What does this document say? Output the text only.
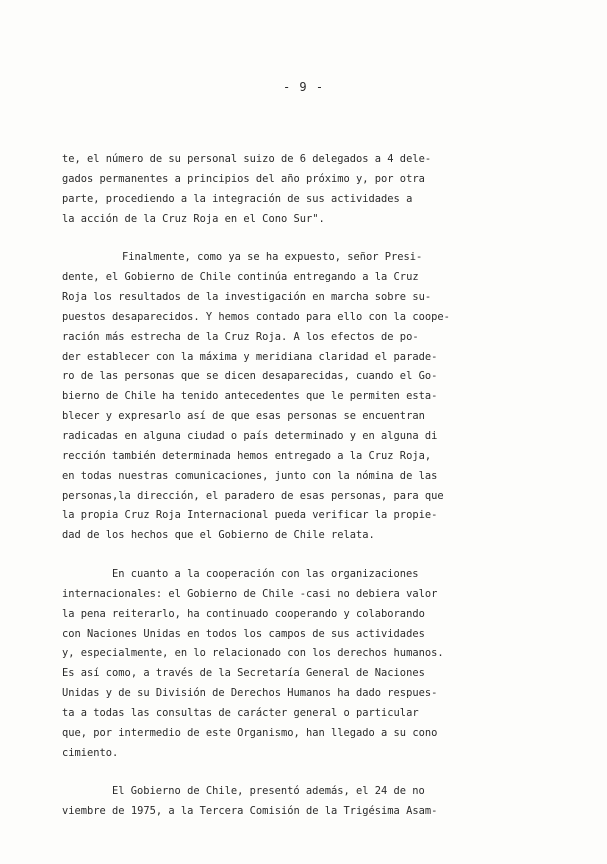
- 9 -
te, el número de su personal suizo de 6 delegados a 4 dele-
gados permanentes a principios del año próximo y, por otra
parte, procediendo a la integración de sus actividades a
la acción de la Cruz Roja en el Cono Sur".
Finalmente, como ya se ha expuesto, señor Presi-
dente, el Gobierno de Chile continúa entregando a la Cruz
Roja los resultados de la investigación en marcha sobre su-
puestos desaparecidos. Y hemos contado para ello con la coope-
ración más estrecha de la Cruz Roja. A los efectos de po-
der establecer con la máxima y meridiana claridad el parade-
ro de las personas que se dicen desaparecidas, cuando el Go-
bierno de Chile ha tenido antecedentes que le permiten esta-
blecer y expresarlo así de que esas personas se encuentran
radicadas en alguna ciudad o país determinado y en alguna di
rección también determinada hemos entregado a la Cruz Roja,
en todas nuestras comunicaciones, junto con la nómina de las
personas,la dirección, el paradero de esas personas, para que
la propia Cruz Roja Internacional pueda verificar la propie-
dad de los hechos que el Gobierno de Chile relata.
En cuanto a la cooperación con las organizaciones
internacionales: el Gobierno de Chile -casi no debiera valor
la pena reiterarlo, ha continuado cooperando y colaborando
con Naciones Unidas en todos los campos de sus actividades
y, especialmente, en lo relacionado con los derechos humanos.
Es así como, a través de la Secretaría General de Naciones
Unidas y de su División de Derechos Humanos ha dado respues-
ta a todas las consultas de carácter general o particular
que, por intermedio de este Organismo, han llegado a su cono
cimiento.
El Gobierno de Chile, presentó además, el 24 de no
viembre de 1975, a la Tercera Comisión de la Trigésima Asam-
